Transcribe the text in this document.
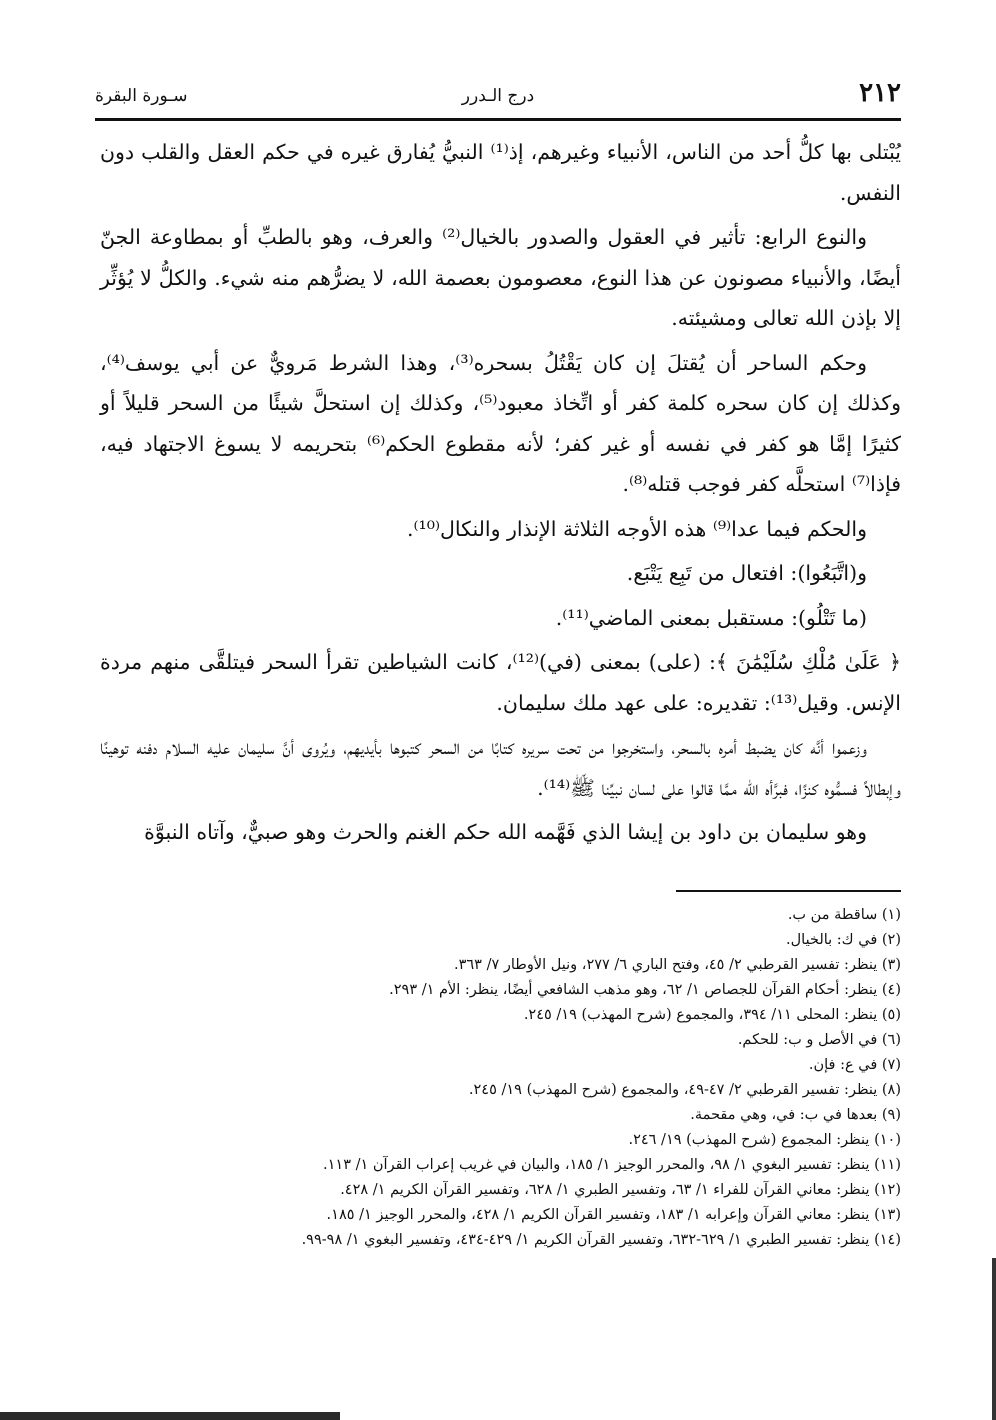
٢١٢
درج الـدرر
سـورة البقرة

يُبْتلى بها كلُّ أحد من الناس، الأنبياء وغيرهم، إذ⁽¹⁾ النبيُّ يُفارق غيره في حكم العقل والقلب دون النفس.

والنوع الرابع: تأثير في العقول والصدور بالخيال⁽²⁾ والعرف، وهو بالطبِّ أو بمطاوعة الجنّ أيضًا، والأنبياء مصونون عن هذا النوع، معصومون بعصمة الله، لا يضرُّهم منه شيء. والكلُّ لا يُؤثِّر إلا بإذن الله تعالى ومشيئته.

وحكم الساحر أن يُقتلَ إن كان يَقْتُلُ بسحره⁽³⁾، وهذا الشرط مَرويٌّ عن أبي يوسف⁽⁴⁾، وكذلك إن كان سحره كلمة كفر أو اتِّخاذ معبود⁽⁵⁾، وكذلك إن استحلَّ شيئًا من السحر قليلاً أو كثيرًا إمَّا هو كفر في نفسه أو غير كفر؛ لأنه مقطوع الحكم⁽⁶⁾ بتحريمه لا يسوغ الاجتهاد فيه، فإذا⁽⁷⁾ استحلَّه كفر فوجب قتله⁽⁸⁾.

والحكم فيما عدا⁽⁹⁾ هذه الأوجه الثلاثة الإنذار والنكال⁽¹⁰⁾.

و(اتَّبَعُوا): افتعال من تَبِع يَتْبَع.

(ما تَتْلُو): مستقبل بمعنى الماضي⁽¹¹⁾.

﴿ عَلَىٰ مُلْكِ سُلَيْمَٰنَ ﴾: (على) بمعنى (في)⁽¹²⁾، كانت الشياطين تقرأ السحر فيتلقَّى منهم مردة الإنس. وقيل⁽¹³⁾: تقديره: على عهد ملك سليمان.

وزعموا أنَّه كان يضبط أمره بالسحر، واستخرجوا من تحت سريره كتابًا من السحر كتبوها بأيديهم، ويُروى أنَّ سليمان عليه السلام دفنه توهينًا وإبطالاً فسمُّوه كنزًا، فبرَّأه الله ممَّا قالوا على لسان نبيِّنا ﷺ⁽¹⁴⁾.

وهو سليمان بن داود بن إيشا الذي فَهَّمه الله حكم الغنم والحرث وهو صبيٌّ، وآتاه النبوَّة

(١) ساقطة من ب.

(٢) في ك: بالخيال.

(٣) ينظر: تفسير القرطبي ٢/ ٤٥، وفتح الباري ٦/ ٢٧٧، ونيل الأوطار ٧/ ٣٦٣.

(٤) ينظر: أحكام القرآن للجصاص ١/ ٦٢، وهو مذهب الشافعي أيضًا، ينظر: الأم ١/ ٢٩٣.

(٥) ينظر: المحلى ١١/ ٣٩٤، والمجموع (شرح المهذب) ١٩/ ٢٤٥.

(٦) في الأصل و ب: للحكم.

(٧) في ع: فإن.

(٨) ينظر: تفسير القرطبي ٢/ ٤٧-٤٩، والمجموع (شرح المهذب) ١٩/ ٢٤٥.

(٩) بعدها في ب: في، وهي مقحمة.

(١٠) ينظر: المجموع (شرح المهذب) ١٩/ ٢٤٦.

(١١) ينظر: تفسير البغوي ١/ ٩٨، والمحرر الوجيز ١/ ١٨٥، والبيان في غريب إعراب القرآن ١/ ١١٣.

(١٢) ينظر: معاني القرآن للفراء ١/ ٦٣، وتفسير الطبري ١/ ٦٢٨، وتفسير القرآن الكريم ١/ ٤٢٨.

(١٣) ينظر: معاني القرآن وإعرابه ١/ ١٨٣، وتفسير القرآن الكريم ١/ ٤٢٨، والمحرر الوجيز ١/ ١٨٥.

(١٤) ينظر: تفسير الطبري ١/ ٦٢٩-٦٣٢، وتفسير القرآن الكريم ١/ ٤٢٩-٤٣٤، وتفسير البغوي ١/ ٩٨-٩٩.
